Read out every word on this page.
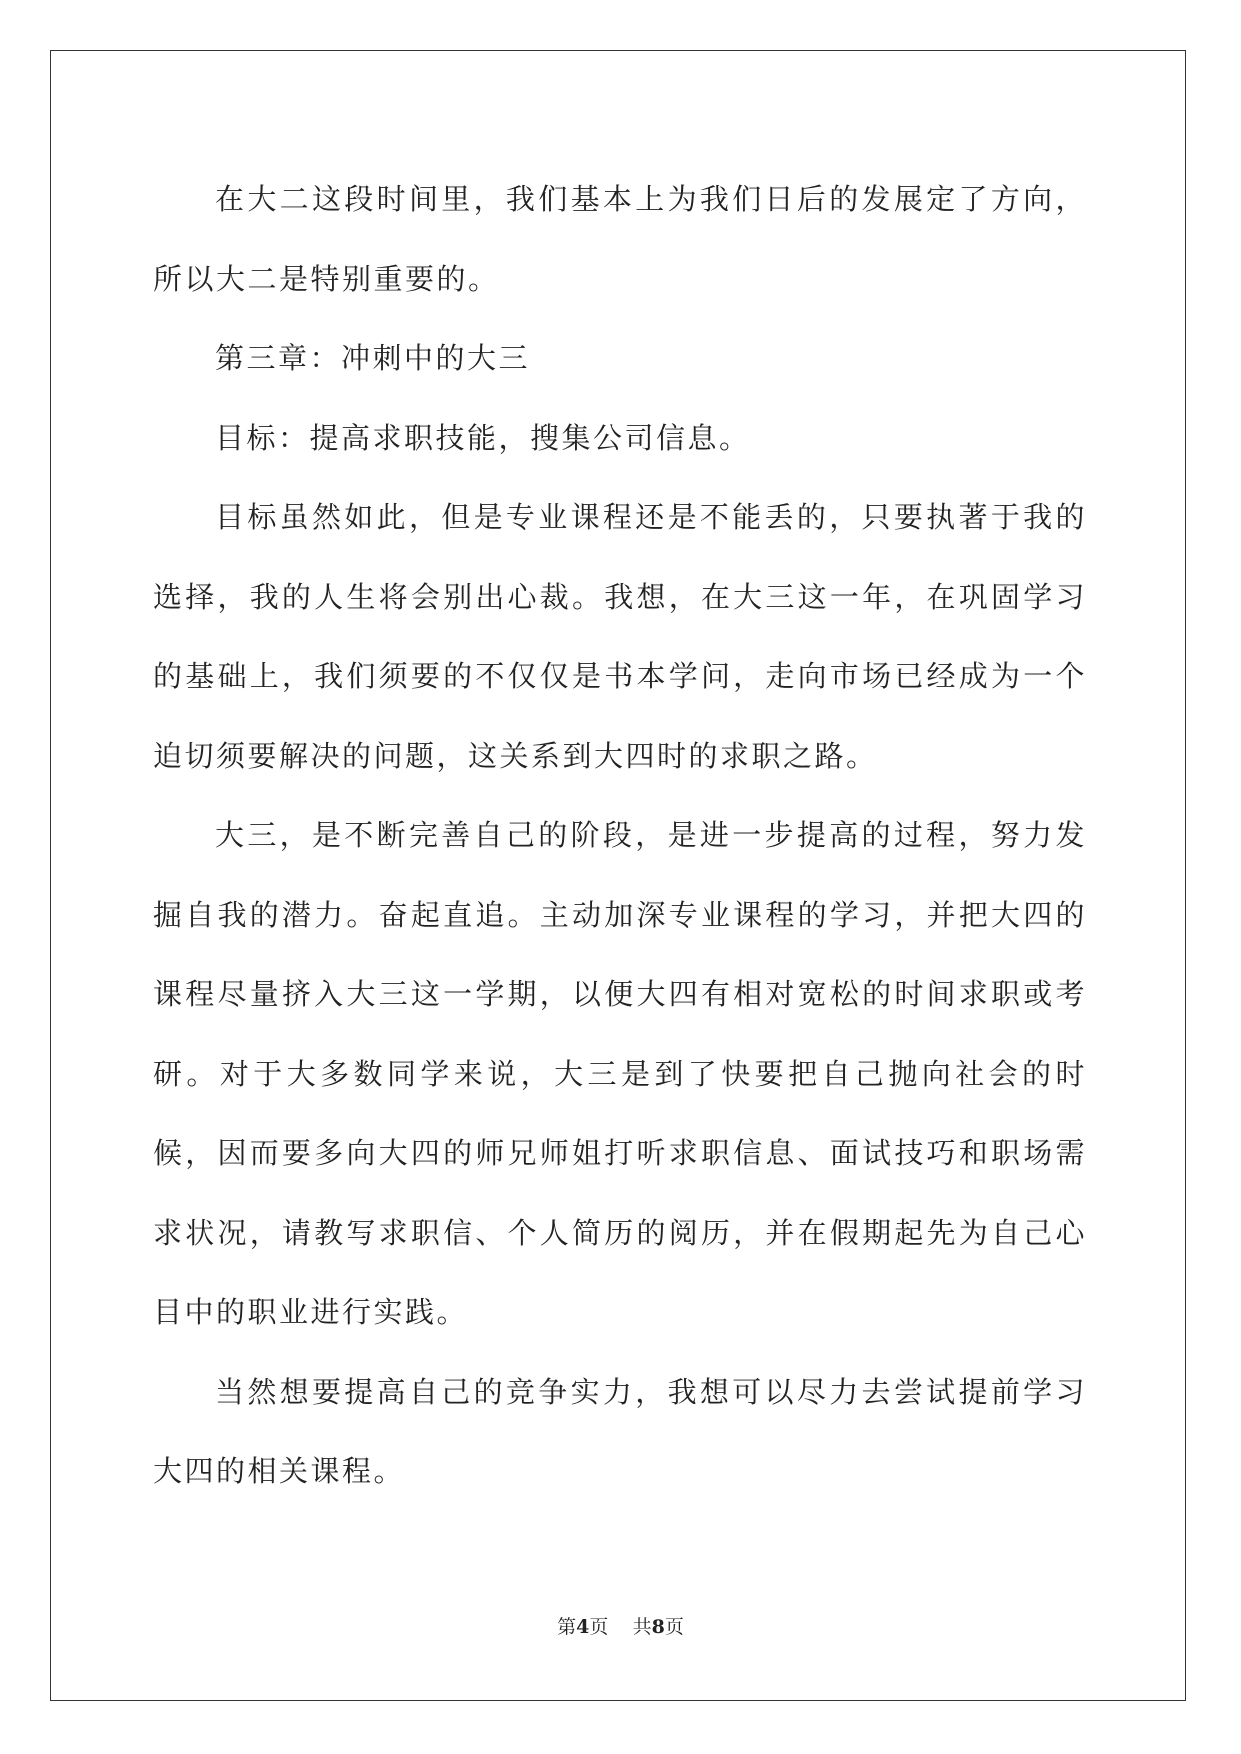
在大二这段时间里，我们基本上为我们日后的发展定了方向，所以大二是特别重要的。

第三章：冲刺中的大三

目标：提高求职技能，搜集公司信息。

目标虽然如此，但是专业课程还是不能丢的，只要执著于我的选择，我的人生将会别出心裁。我想，在大三这一年，在巩固学习的基础上，我们须要的不仅仅是书本学问，走向市场已经成为一个迫切须要解决的问题，这关系到大四时的求职之路。

大三，是不断完善自己的阶段，是进一步提高的过程，努力发掘自我的潜力。奋起直追。主动加深专业课程的学习，并把大四的课程尽量挤入大三这一学期，以便大四有相对宽松的时间求职或考研。对于大多数同学来说，大三是到了快要把自己抛向社会的时候，因而要多向大四的师兄师姐打听求职信息、面试技巧和职场需求状况，请教写求职信、个人简历的阅历，并在假期起先为自己心目中的职业进行实践。

当然想要提高自己的竞争实力，我想可以尽力去尝试提前学习大四的相关课程。

第4页 共8页
